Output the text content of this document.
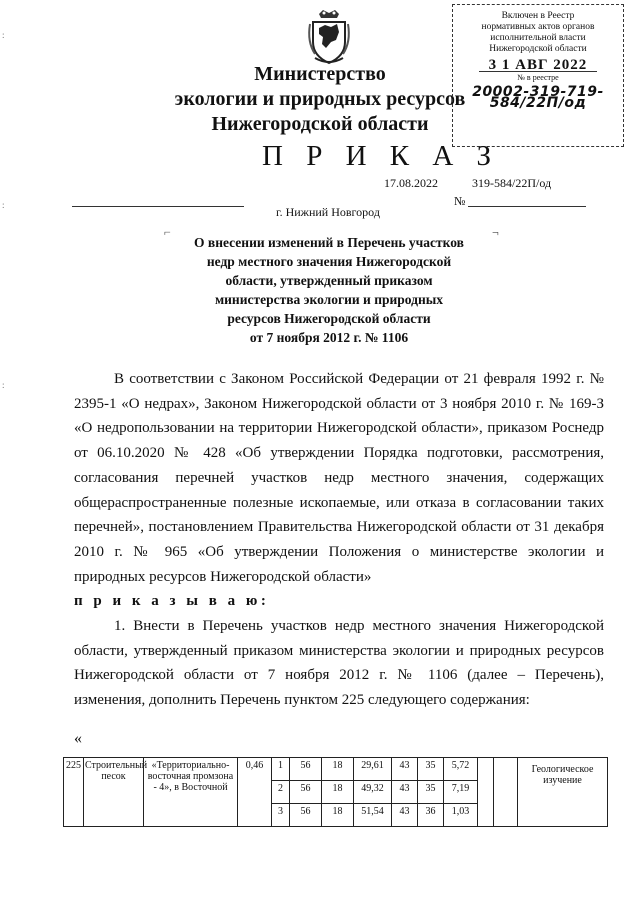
Министерство
экологии и природных ресурсов
Нижегородской области
Включен в Реестр
нормативных актов органов
исполнительной власти
Нижегородской области
3 1 АВГ 2022
№ в реестре
20002-319-719-584/22П/од
П Р И К А З
17.08.2022
№
319-584/22П/од
г. Нижний Новгород
⌐	¬
О внесении изменений в Перечень участков
недр местного значения Нижегородской
области, утвержденный приказом
министерства экологии и природных
ресурсов Нижегородской области
от 7 ноября 2012 г. № 1106

В соответствии с Законом Российской Федерации от 21 февраля 1992 г. № 2395-1 «О недрах», Законом Нижегородской области от 3 ноября 2010 г. № 169-З «О недропользовании на территории Нижегородской области», приказом Роснедр от 06.10.2020 № 428 «Об утверждении Порядка подготовки, рассмотрения, согласования перечней участков недр местного значения, содержащих общераспространенные полезные ископаемые, или отказа в согласовании таких перечней», постановлением Правительства Нижегородской области от 31 декабря 2010 г. № 965 «Об утверждении Положения о министерстве экологии и природных ресурсов Нижегородской области»

п р и к а з ы в а ю:

1. Внести в Перечень участков недр местного значения Нижегородской области, утвержденный приказом министерства экологии и природных ресурсов Нижегородской области от 7 ноября 2012 г. № 1106 (далее – Перечень), изменения, дополнить Перечень пунктом 225 следующего содержания:

«
225	Строительный песок	«Территориально-восточная промзона - 4», в Восточной	0,46	1	56	18	29,61	43	35	5,72			Геологическое изучение
				2	56	18	49,32	43	35	7,19			
				3	56	18	51,54	43	36	1,03			
:
:
:
